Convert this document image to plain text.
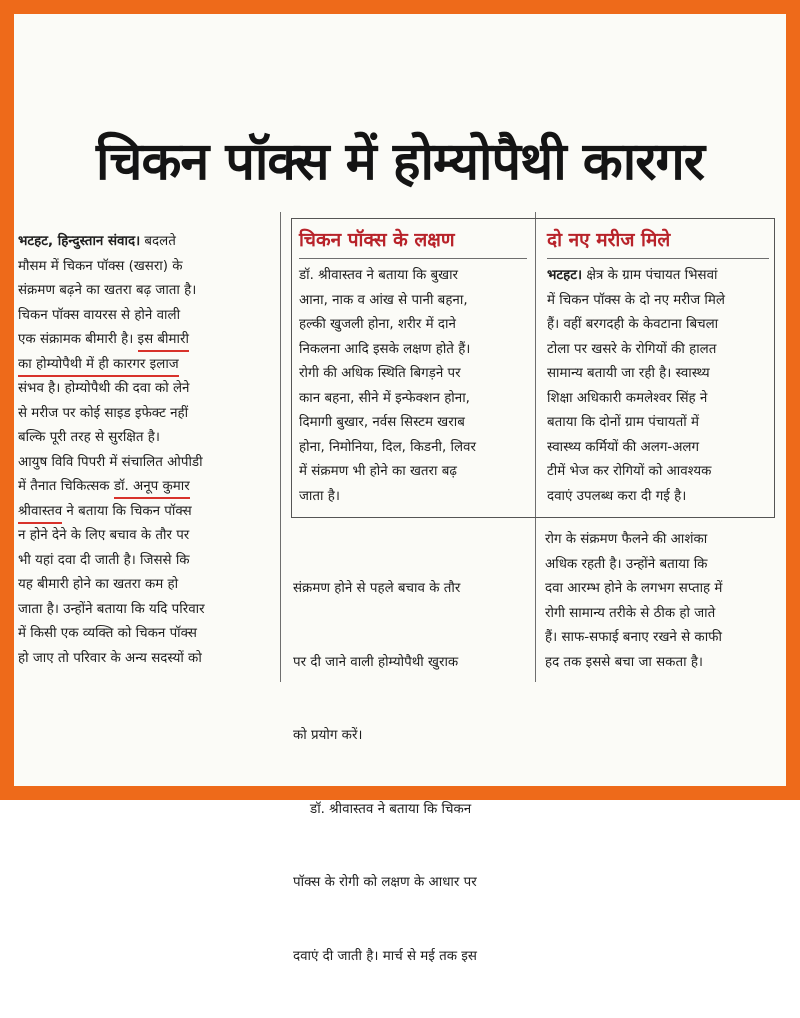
चिकन पॉक्स में होम्योपैथी कारगर
भटहट, हिन्दुस्तान संवाद। बदलते
मौसम में चिकन पॉक्स (खसरा) के
संक्रमण बढ़ने का खतरा बढ़ जाता है।
चिकन पॉक्स वायरस से होने वाली
एक संक्रामक बीमारी है। इस बीमारी
का होम्योपैथी में ही कारगर इलाज
संभव है। होम्योपैथी की दवा को लेने
से मरीज पर कोई साइड इफेक्ट नहीं
बल्कि पूरी तरह से सुरक्षित है।
आयुष विवि पिपरी में संचालित ओपीडी
में तैनात चिकित्सक डॉ. अनूप कुमार
श्रीवास्तव ने बताया कि चिकन पॉक्स
न होने देने के लिए बचाव के तौर पर
भी यहां दवा दी जाती है। जिससे कि
यह बीमारी होने का खतरा कम हो
जाता है। उन्होंने बताया कि यदि परिवार
में किसी एक व्यक्ति को चिकन पॉक्स
हो जाए तो परिवार के अन्य सदस्यों को
चिकन पॉक्स के लक्षण
डॉ. श्रीवास्तव ने बताया कि बुखार
आना, नाक व आंख से पानी बहना,
हल्की खुजली होना, शरीर में दाने
निकलना आदि इसके लक्षण होते हैं।
रोगी की अधिक स्थिति बिगड़ने पर
कान बहना, सीने में इन्फेक्शन होना,
दिमागी बुखार, नर्वस सिस्टम खराब
होना, निमोनिया, दिल, किडनी, लिवर
में संक्रमण भी होने का खतरा बढ़
जाता है।
दो नए मरीज मिले
भटहट। क्षेत्र के ग्राम पंचायत भिसवां
में चिकन पॉक्स के दो नए मरीज मिले
हैं। वहीं बरगदही के केवटाना बिचला
टोला पर खसरे के रोगियों की हालत
सामान्य बतायी जा रही है। स्वास्थ्य
शिक्षा अधिकारी कमलेश्वर सिंह ने
बताया कि दोनों ग्राम पंचायतों में
स्वास्थ्य कर्मियों की अलग-अलग
टीमें भेज कर रोगियों को आवश्यक
दवाएं उपलब्ध करा दी गई है।

संक्रमण होने से पहले बचाव के तौर

पर दी जाने वाली होम्योपैथी खुराक

को प्रयोग करें।

डॉ. श्रीवास्तव ने बताया कि चिकन

पॉक्स के रोगी को लक्षण के आधार पर

दवाएं दी जाती है। मार्च से मई तक इस

रोग के संक्रमण फैलने की आशंका
अधिक रहती है। उन्होंने बताया कि
दवा आरम्भ होने के लगभग सप्ताह में
रोगी सामान्य तरीके से ठीक हो जाते
हैं। साफ-सफाई बनाए रखने से काफी
हद तक इससे बचा जा सकता है।
